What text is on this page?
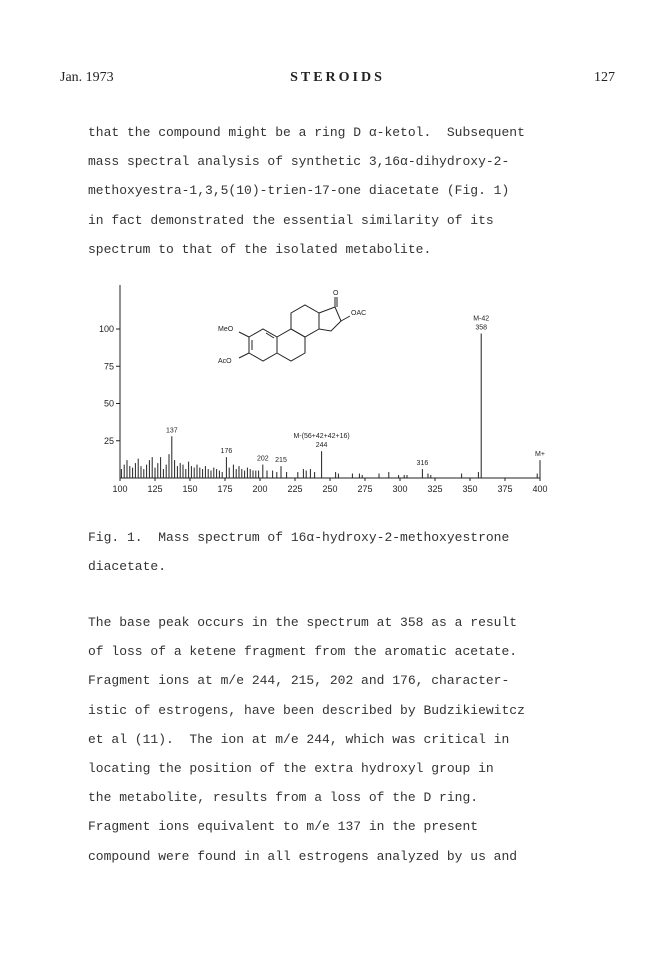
Jan. 1973	STEROIDS	127
that the compound might be a ring D α-ketol.  Subsequent
mass spectral analysis of synthetic 3,16α-dihydroxy-2-
methoxyestra-1,3,5(10)-trien-17-one diacetate (Fig. 1)
in fact demonstrated the essential similarity of its
spectrum to that of the isolated metabolite.
25
50
75
100
100 125 150 175 200 225 250 275 300 325 350 375 400
137
176
202 215
M-(56+42+42+16)
244
316
M-42
358
M+
O
OAC
MeO
AcO
Fig. 1.  Mass spectrum of 16α-hydroxy-2-methoxyestrone
diacetate.
The base peak occurs in the spectrum at 358 as a result
of loss of a ketene fragment from the aromatic acetate.
Fragment ions at m/e 244, 215, 202 and 176, character-
istic of estrogens, have been described by Budzikiewitcz
et al (11).  The ion at m/e 244, which was critical in
locating the position of the extra hydroxyl group in
the metabolite, results from a loss of the D ring.
Fragment ions equivalent to m/e 137 in the present
compound were found in all estrogens analyzed by us and
